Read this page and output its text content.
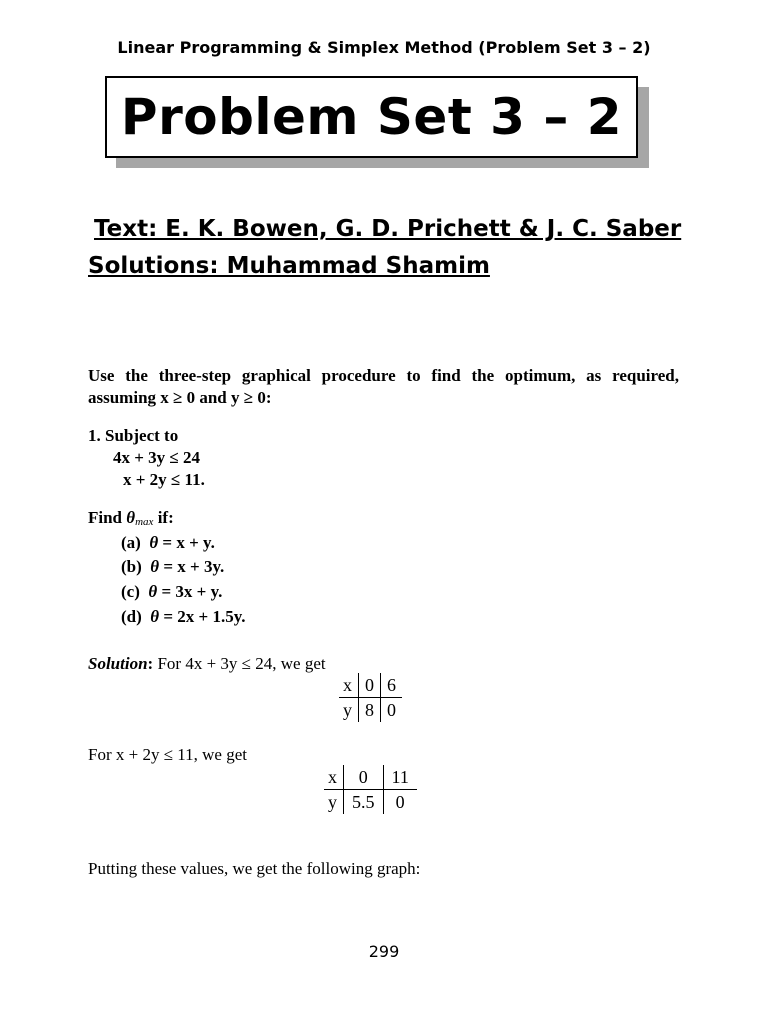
Linear Programming & Simplex Method (Problem Set 3 – 2)
Problem Set 3 – 2
Text: E. K. Bowen, G. D. Prichett & J. C. Saber
Solutions: Muhammad Shamim
Use the three-step graphical procedure to find the optimum, as required, assuming x ≥ 0 and y ≥ 0:
1. Subject to
4x + 3y ≤ 24
x + 2y ≤ 11.
Find θmax if:
(a) θ = x + y.
(b) θ = x + 3y.
(c) θ = 3x + y.
(d) θ = 2x + 1.5y.
Solution: For 4x + 3y ≤ 24, we get
x	0	6
y	8	0
For x + 2y ≤ 11, we get
x	0	11
y	5.5	0
Putting these values, we get the following graph:
299
